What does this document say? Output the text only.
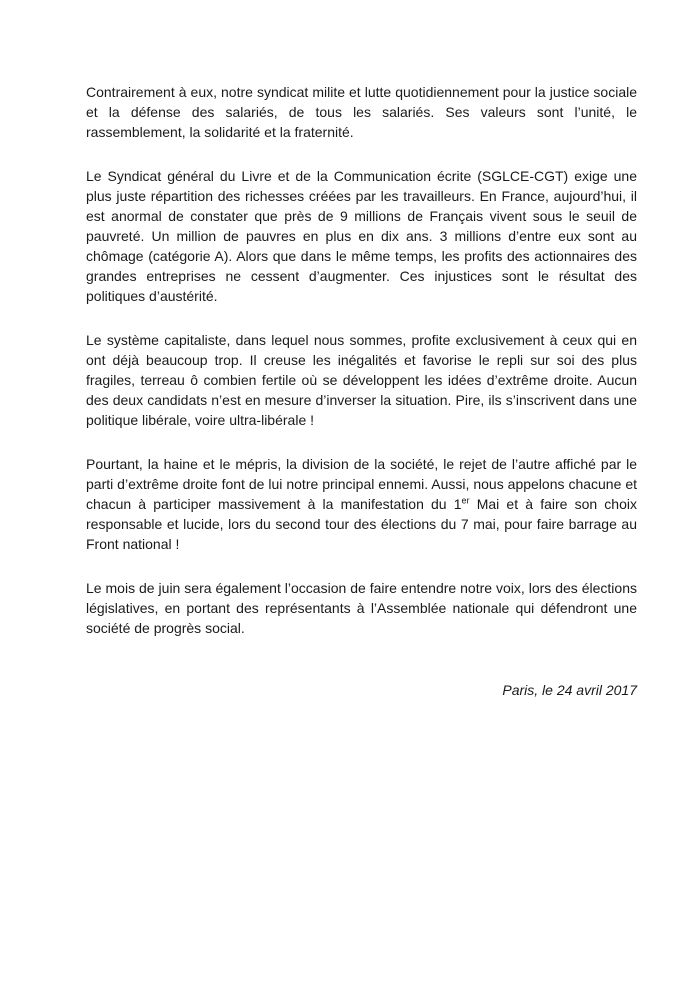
Contrairement à eux, notre syndicat milite et lutte quotidiennement pour la justice sociale et la défense des salariés, de tous les salariés. Ses valeurs sont l’unité, le rassemblement, la solidarité et la fraternité.

Le Syndicat général du Livre et de la Communication écrite (SGLCE-CGT) exige une plus juste répartition des richesses créées par les travailleurs. En France, aujourd’hui, il est anormal de constater que près de 9 millions de Français vivent sous le seuil de pauvreté. Un million de pauvres en plus en dix ans. 3 millions d’entre eux sont au chômage (catégorie A). Alors que dans le même temps, les profits des actionnaires des grandes entreprises ne cessent d’augmenter. Ces injustices sont le résultat des politiques d’austérité.

Le système capitaliste, dans lequel nous sommes, profite exclusivement à ceux qui en ont déjà beaucoup trop. Il creuse les inégalités et favorise le repli sur soi des plus fragiles, terreau ô combien fertile où se développent les idées d’extrême droite. Aucun des deux candidats n’est en mesure d’inverser la situation. Pire, ils s’inscrivent dans une politique libérale, voire ultra-libérale !

Pourtant, la haine et le mépris, la division de la société, le rejet de l’autre affiché par le parti d’extrême droite font de lui notre principal ennemi. Aussi, nous appelons chacune et chacun à participer massivement à la manifestation du 1er Mai et à faire son choix responsable et lucide, lors du second tour des élections du 7 mai, pour faire barrage au Front national !

Le mois de juin sera également l’occasion de faire entendre notre voix, lors des élections législatives, en portant des représentants à l’Assemblée nationale qui défendront une société de progrès social.

Paris, le 24 avril 2017
